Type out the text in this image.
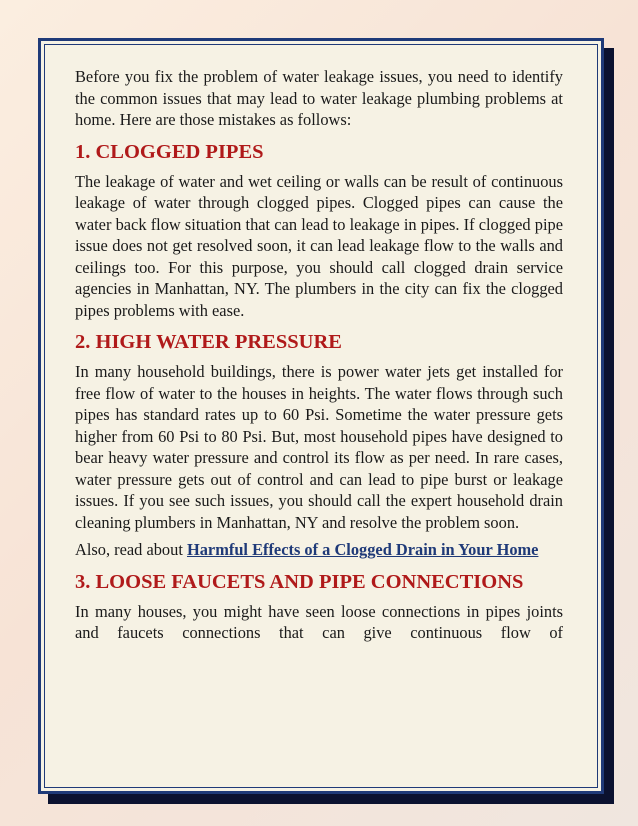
Before you fix the problem of water leakage issues, you need to identify the common issues that may lead to water leakage plumbing problems at home. Here are those mistakes as follows:

1. CLOGGED PIPES

The leakage of water and wet ceiling or walls can be result of continuous leakage of water through clogged pipes. Clogged pipes can cause the water back flow situation that can lead to leakage in pipes. If clogged pipe issue does not get resolved soon, it can lead leakage flow to the walls and ceilings too. For this purpose, you should call clogged drain service agencies in Manhattan, NY. The plumbers in the city can fix the clogged pipes problems with ease.

2. HIGH WATER PRESSURE

In many household buildings, there is power water jets get installed for free flow of water to the houses in heights. The water flows through such pipes has standard rates up to 60 Psi. Sometime the water pressure gets higher from 60 Psi to 80 Psi. But, most household pipes have designed to bear heavy water pressure and control its flow as per need. In rare cases, water pressure gets out of control and can lead to pipe burst or leakage issues. If you see such issues, you should call the expert household drain cleaning plumbers in Manhattan, NY and resolve the problem soon.

Also, read about Harmful Effects of a Clogged Drain in Your Home

3. LOOSE FAUCETS AND PIPE CONNECTIONS

In many houses, you might have seen loose connections in pipes joints and faucets connections that can give continuous flow of
